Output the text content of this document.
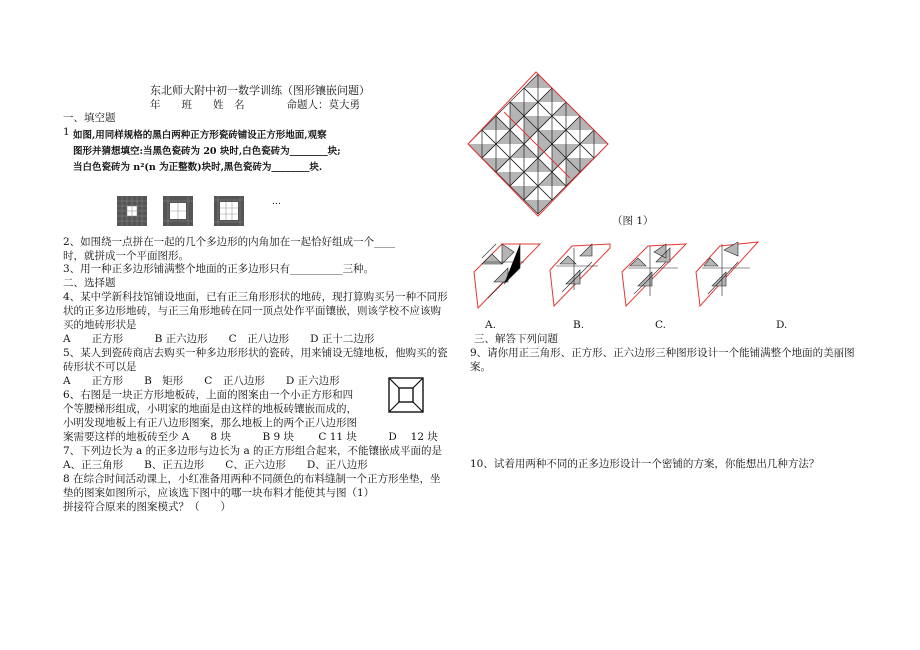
东北师大附中初一数学训练（图形镶嵌问题）
年　　班　　姓　名　　　　命题人：莫大勇
一、填空题
1 如图,用同样规格的黑白两种正方形瓷砖铺设正方形地面,观察
图形并猜想填空:当黑色瓷砖为 20 块时,白色瓷砖为________块;
当白色瓷砖为 n²(n 为正整数)块时,黑色瓷砖为________块.
…
2、如围绕一点拼在一起的几个多边形的内角加在一起恰好组成一个____
时，就拼成一个平面图形。
3、用一种正多边形铺满整个地面的正多边形只有__________三种。
二、选择题
4、某中学新科技馆铺设地面，已有正三角形形状的地砖，现打算购买另一种不同形
状的正多边形地砖，与正三角形地砖在同一顶点处作平面镶嵌，则该学校不应该购
买的地砖形状是
A　　正方形　　　B 正六边形　　C　正八边形　　D 正十二边形
5、某人到瓷砖商店去购买一种多边形形状的瓷砖，用来铺设无缝地板，他购买的瓷
砖形状不可以是
A　　正方形　　B　矩形　　C　正八边形　　D 正六边形
6、右图是一块正方形地板砖，上面的图案由一个小正方形和四
个等腰梯形组成，小明家的地面是由这样的地板砖镶嵌而成的，
小明发现地板上有正八边形图案，那么地板上的两个正八边形图
案需要这样的地板砖至少 A　　8 块　　　B 9 块　　 C 11 块　　　D　 12 块
7、下列边长为 a 的正多边形与边长为 a 的正方形组合起来，不能镶嵌成平面的是
A、正三角形　　B、正五边形　　C、正六边形　　D、正八边形
8 在综合时间活动课上，小红准备用两种不同颜色的布料缝制一个正方形坐垫，坐
垫的图案如图所示，应该选下图中的哪一块布料才能使其与图（1）
拼接符合原来的图案模式？（　　）
（图 1）
A.	B.	C.	D.
三、解答下列问题
9、请你用正三角形、正方形、正六边形三种图形设计一个能铺满整个地面的美丽图
案。
10、试着用两种不同的正多边形设计一个密铺的方案，你能想出几种方法？
